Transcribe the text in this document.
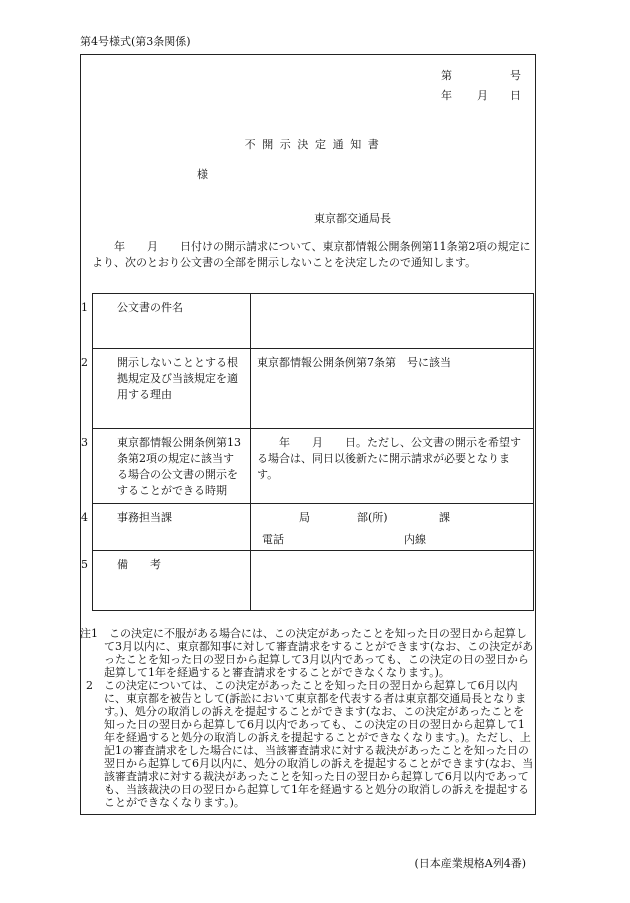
第4号様式(第3条関係)
第	号
年 月 日
不開示決定通知書
様
東京都交通局長
　　年　　月　　日付けの開示請求について、東京都情報公開条例第11条第2項の規定により、次のとおり公文書の全部を開示しないことを決定したので通知します。
1 公文書の件名	

2 開示しないこととする根拠規定及び当該規定を適用する理由	東京都情報公開条例第7条第　号に該当

3 東京都情報公開条例第13条第2項の規定に該当する場合の公文書の開示をすることができる時期	　　年　　月　　日。ただし、公文書の開示を希望する場合は、同日以後新たに開示請求が必要となります。

4 事務担当課	局 部(所) 課
電話 内線

5 備　　考	

注1　 この決定に不服がある場合には、この決定があったことを知った日の翌日から起算して3月以内に、東京都知事に対して審査請求をすることができます(なお、この決定があったことを知った日の翌日から起算して3月以内であっても、この決定の日の翌日から起算して1年を経過すると審査請求をすることができなくなります。)。

2　 この決定については、この決定があったことを知った日の翌日から起算して6月以内に、東京都を被告として(訴訟において東京都を代表する者は東京都交通局長となります。)、処分の取消しの訴えを提起することができます(なお、この決定があったことを知った日の翌日から起算して6月以内であっても、この決定の日の翌日から起算して1年を経過すると処分の取消しの訴えを提起することができなくなります。)。ただし、上記1の審査請求をした場合には、当該審査請求に対する裁決があったことを知った日の翌日から起算して6月以内に、処分の取消しの訴えを提起することができます(なお、当該審査請求に対する裁決があったことを知った日の翌日から起算して6月以内であっても、当該裁決の日の翌日から起算して1年を経過すると処分の取消しの訴えを提起することができなくなります。)。

(日本産業規格A列4番)
